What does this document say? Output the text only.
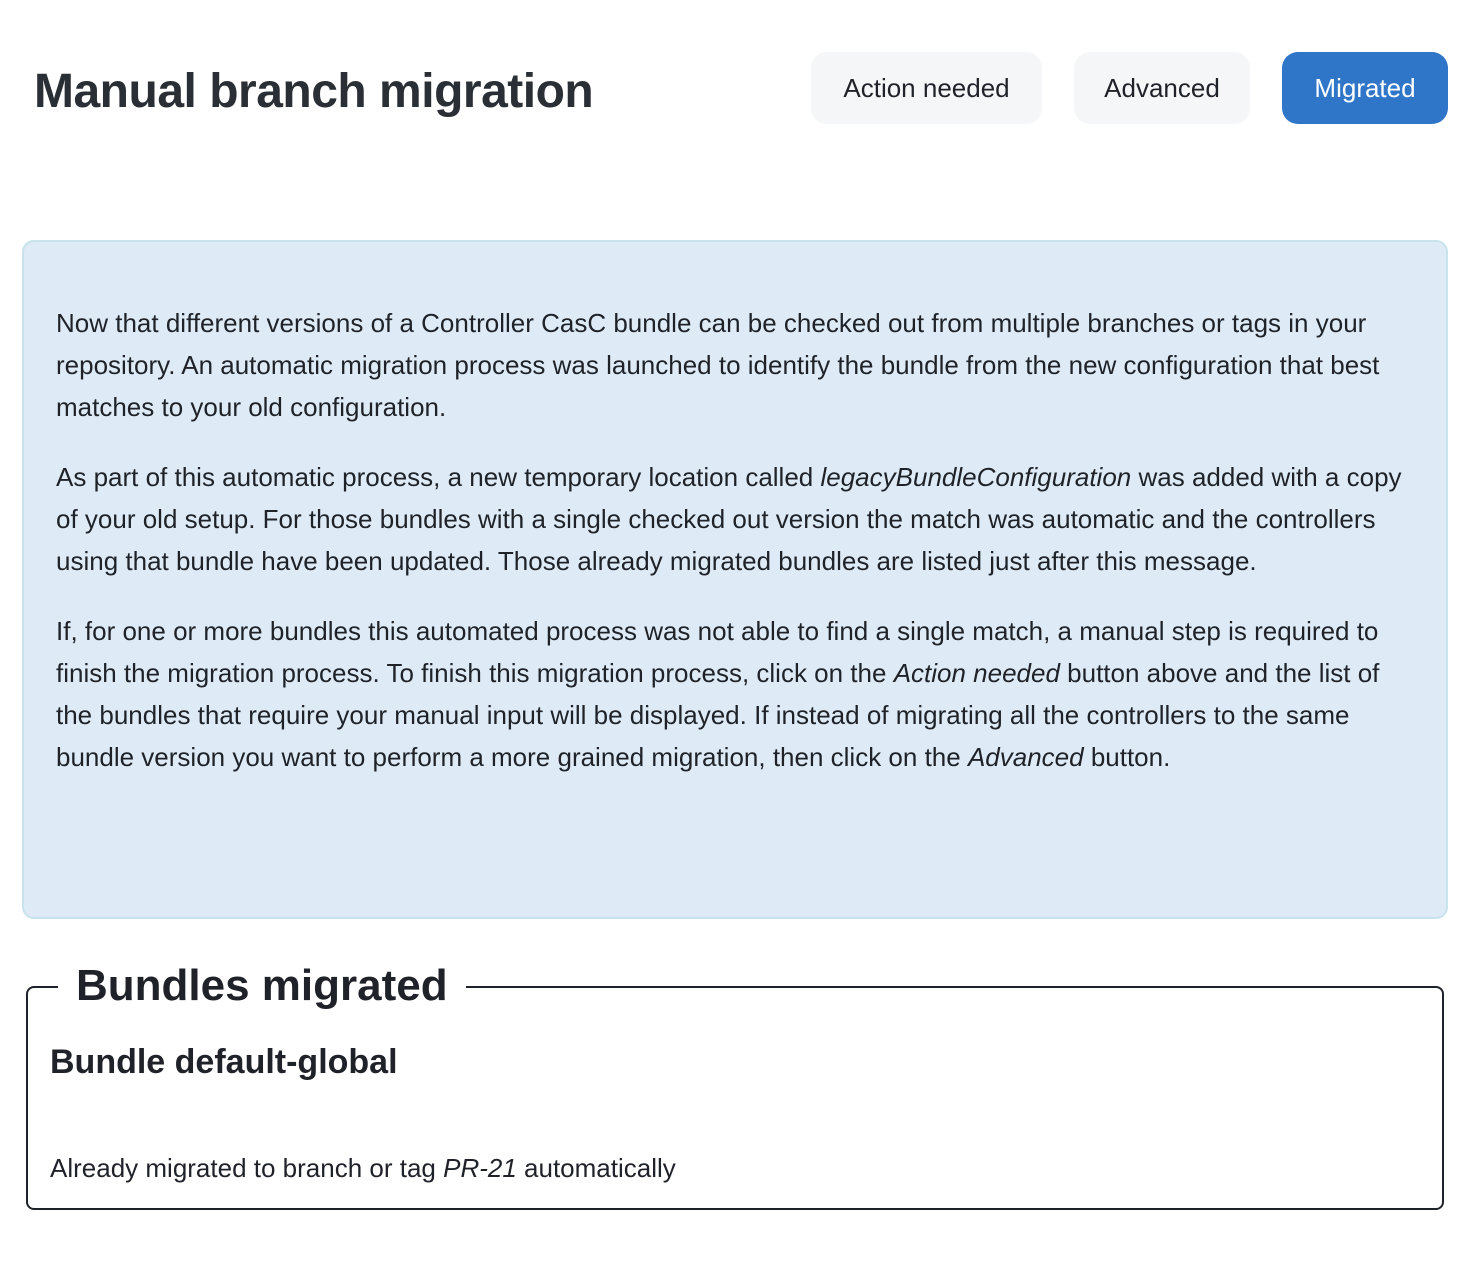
Manual branch migration	Action needed	Advanced	Migrated

Now that different versions of a Controller CasC bundle can be checked out from multiple branches or tags in your repository. An automatic migration process was launched to identify the bundle from the new configuration that best matches to your old configuration.

As part of this automatic process, a new temporary location called legacyBundleConfiguration was added with a copy of your old setup. For those bundles with a single checked out version the match was automatic and the controllers using that bundle have been updated. Those already migrated bundles are listed just after this message.

If, for one or more bundles this automated process was not able to find a single match, a manual step is required to finish the migration process. To finish this migration process, click on the Action needed button above and the list of the bundles that require your manual input will be displayed. If instead of migrating all the controllers to the same bundle version you want to perform a more grained migration, then click on the Advanced button.

Bundles migrated
Bundle default-global
Already migrated to branch or tag PR-21 automatically
